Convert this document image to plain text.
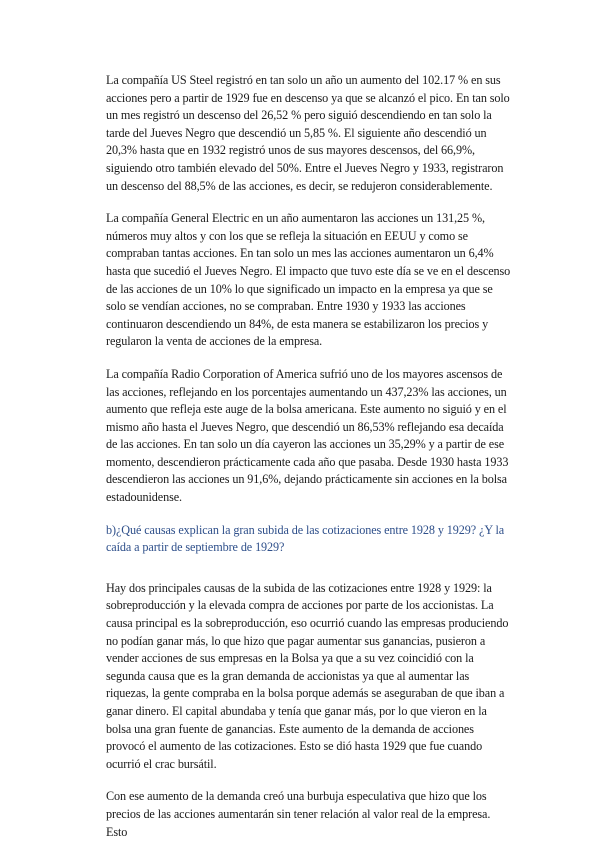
La compañía US Steel registró en tan solo un año un aumento del 102.17 % en sus acciones pero a partir de 1929 fue en descenso ya que se alcanzó el pico. En tan solo un mes registró un descenso del 26,52 % pero siguió descendiendo en tan solo la tarde del Jueves Negro que descendió un 5,85 %. El siguiente año descendió un 20,3% hasta que en 1932 registró unos de sus mayores descensos, del 66,9%, siguiendo otro también elevado del 50%. Entre el Jueves Negro y 1933, registraron un descenso del 88,5% de las acciones, es decir, se redujeron considerablemente.

La compañía General Electric en un año aumentaron las acciones un 131,25 %, números muy altos y con los que se refleja la situación en EEUU y como se compraban tantas acciones. En tan solo un mes las acciones aumentaron un 6,4% hasta que sucedió el Jueves Negro. El impacto que tuvo este día se ve en el descenso de las acciones de un 10% lo que significado un impacto en la empresa ya que se solo se vendían acciones, no se compraban. Entre 1930 y 1933 las acciones continuaron descendiendo un 84%, de esta manera se estabilizaron los precios y regularon la venta de acciones de la empresa.

La compañía Radio Corporation of America sufrió uno de los mayores ascensos de las acciones, reflejando en los porcentajes aumentando un 437,23% las acciones, un aumento que refleja este auge de la bolsa americana. Este aumento no siguió y en el mismo año hasta el Jueves Negro, que descendió un 86,53% reflejando esa decaída de las acciones. En tan solo un día cayeron las acciones un 35,29% y a partir de ese momento, descendieron prácticamente cada año que pasaba. Desde 1930 hasta 1933 descendieron las acciones un 91,6%, dejando prácticamente sin acciones en la bolsa estadounidense.

b)¿Qué causas explican la gran subida de las cotizaciones entre 1928 y 1929? ¿Y la caída a partir de septiembre de 1929?

Hay dos principales causas de la subida de las cotizaciones entre 1928 y 1929: la sobreproducción y la elevada compra de acciones por parte de los accionistas. La causa principal es la sobreproducción, eso ocurrió cuando las empresas produciendo no podían ganar más, lo que hizo que pagar aumentar sus ganancias, pusieron a vender acciones de sus empresas en la Bolsa ya que a su vez coincidió con la segunda causa que es la gran demanda de accionistas ya que al aumentar las riquezas, la gente compraba en la bolsa porque además se aseguraban de que iban a ganar dinero. El capital abundaba y tenía que ganar más, por lo que vieron en la bolsa una gran fuente de ganancias. Este aumento de la demanda de acciones provocó el aumento de las cotizaciones. Esto se dió hasta 1929 que fue cuando ocurrió el crac bursátil.

Con ese aumento de la demanda creó una burbuja especulativa que hizo que los precios de las acciones aumentarán sin tener relación al valor real de la empresa. Esto
